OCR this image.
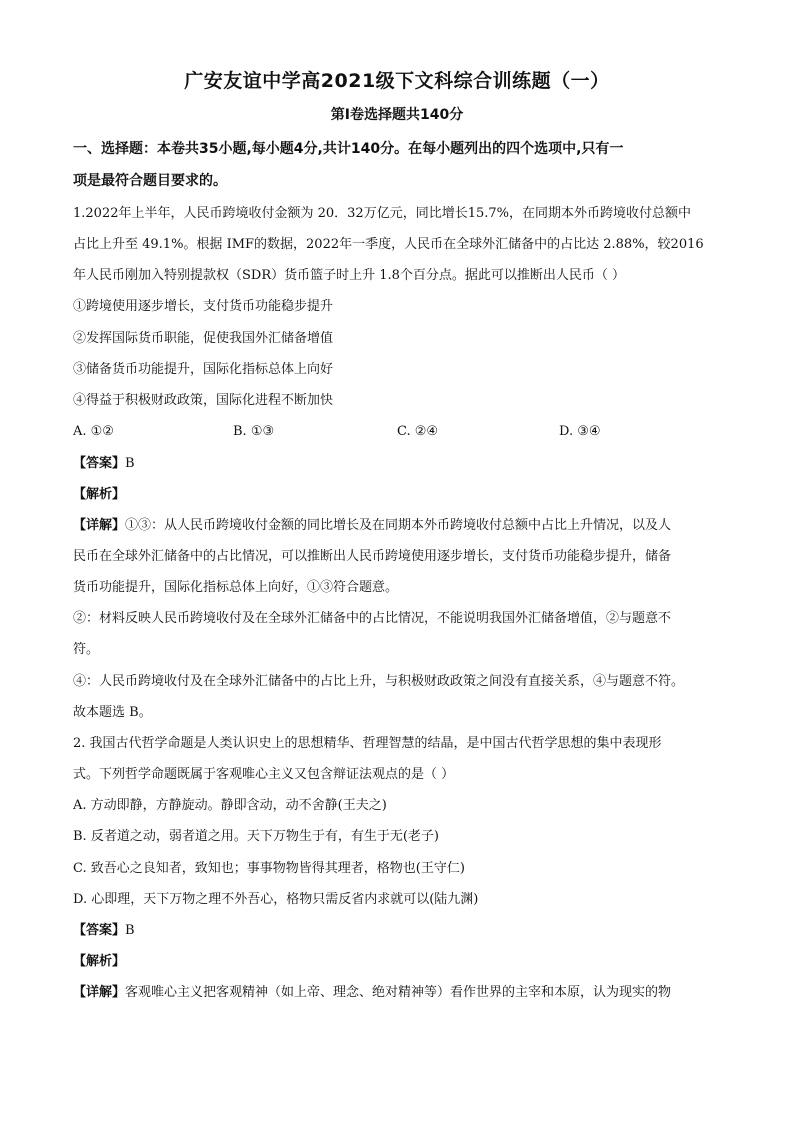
广安友谊中学高2021级下文科综合训练题（一）
第Ⅰ卷选择题共140分
一、选择题：本卷共35小题,每小题4分,共计140分。在每小题列出的四个选项中,只有一
项是最符合题目要求的。
1.2022年上半年，人民币跨境收付金额为 20．32万亿元，同比增长15.7%，在同期本外币跨境收付总额中
占比上升至 49.1%。根据 IMF的数据，2022年一季度，人民币在全球外汇储备中的占比达 2.88%，较2016
年人民币刚加入特别提款权（SDR）货币篮子时上升 1.8个百分点。据此可以推断出人民币（ ）
①跨境使用逐步增长，支付货币功能稳步提升
②发挥国际货币职能，促使我国外汇储备增值
③储备货币功能提升，国际化指标总体上向好
④得益于积极财政政策，国际化进程不断加快
A. ①②	B. ①③	C. ②④	D. ③④
【答案】B
【解析】
【详解】①③：从人民币跨境收付金额的同比增长及在同期本外币跨境收付总额中占比上升情况，以及人
民币在全球外汇储备中的占比情况，可以推断出人民币跨境使用逐步增长，支付货币功能稳步提升，储备
货币功能提升，国际化指标总体上向好，①③符合题意。
②：材料反映人民币跨境收付及在全球外汇储备中的占比情况，不能说明我国外汇储备增值，②与题意不
符。
④：人民币跨境收付及在全球外汇储备中的占比上升，与积极财政政策之间没有直接关系，④与题意不符。
故本题选 B。
2. 我国古代哲学命题是人类认识史上的思想精华、哲理智慧的结晶，是中国古代哲学思想的集中表现形
式。下列哲学命题既属于客观唯心主义又包含辩证法观点的是（ ）
A. 方动即静，方静旋动。静即含动，动不舍静(王夫之)
B. 反者道之动，弱者道之用。天下万物生于有，有生于无(老子)
C. 致吾心之良知者，致知也；事事物物皆得其理者，格物也(王守仁)
D. 心即理，天下万物之理不外吾心，格物只需反省内求就可以(陆九渊)
【答案】B
【解析】
【详解】客观唯心主义把客观精神（如上帝、理念、绝对精神等）看作世界的主宰和本原，认为现实的物
